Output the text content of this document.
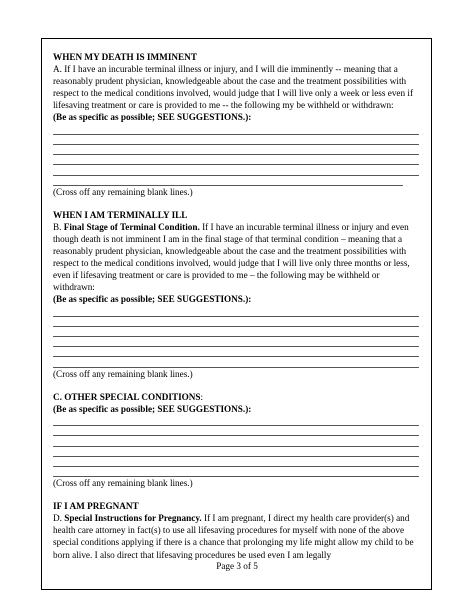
WHEN MY DEATH IS IMMINENT

A. If I have an incurable terminal illness or injury, and I will die imminently -- meaning that a reasonably prudent physician, knowledgeable about the case and the treatment possibilities with respect to the medical conditions involved, would judge that I will live only a week or less even if lifesaving treatment or care is provided to me -- the following my be withheld or withdrawn:

(Be as specific as possible; SEE SUGGESTIONS.):

(Cross off any remaining blank lines.)

WHEN I AM TERMINALLY ILL

B. Final Stage of Terminal Condition. If I have an incurable terminal illness or injury and even though death is not imminent I am in the final stage of that terminal condition – meaning that a reasonably prudent physician, knowledgeable about the case and the treatment possibilities with respect to the medical conditions involved, would judge that I will live only three months or less, even if lifesaving treatment or care is provided to me – the following may be withheld or withdrawn:

(Be as specific as possible; SEE SUGGESTIONS.):

(Cross off any remaining blank lines.)

C. OTHER SPECIAL CONDITIONS:

(Be as specific as possible; SEE SUGGESTIONS.):

(Cross off any remaining blank lines.)

IF I AM PREGNANT

D. Special Instructions for Pregnancy. If I am pregnant, I direct my health care provider(s) and health care attorney in fact(s) to use all lifesaving procedures for myself with none of the above special conditions applying if there is a chance that prolonging my life might allow my child to be born alive. I also direct that lifesaving procedures be used even I am legally

Page 3 of 5
